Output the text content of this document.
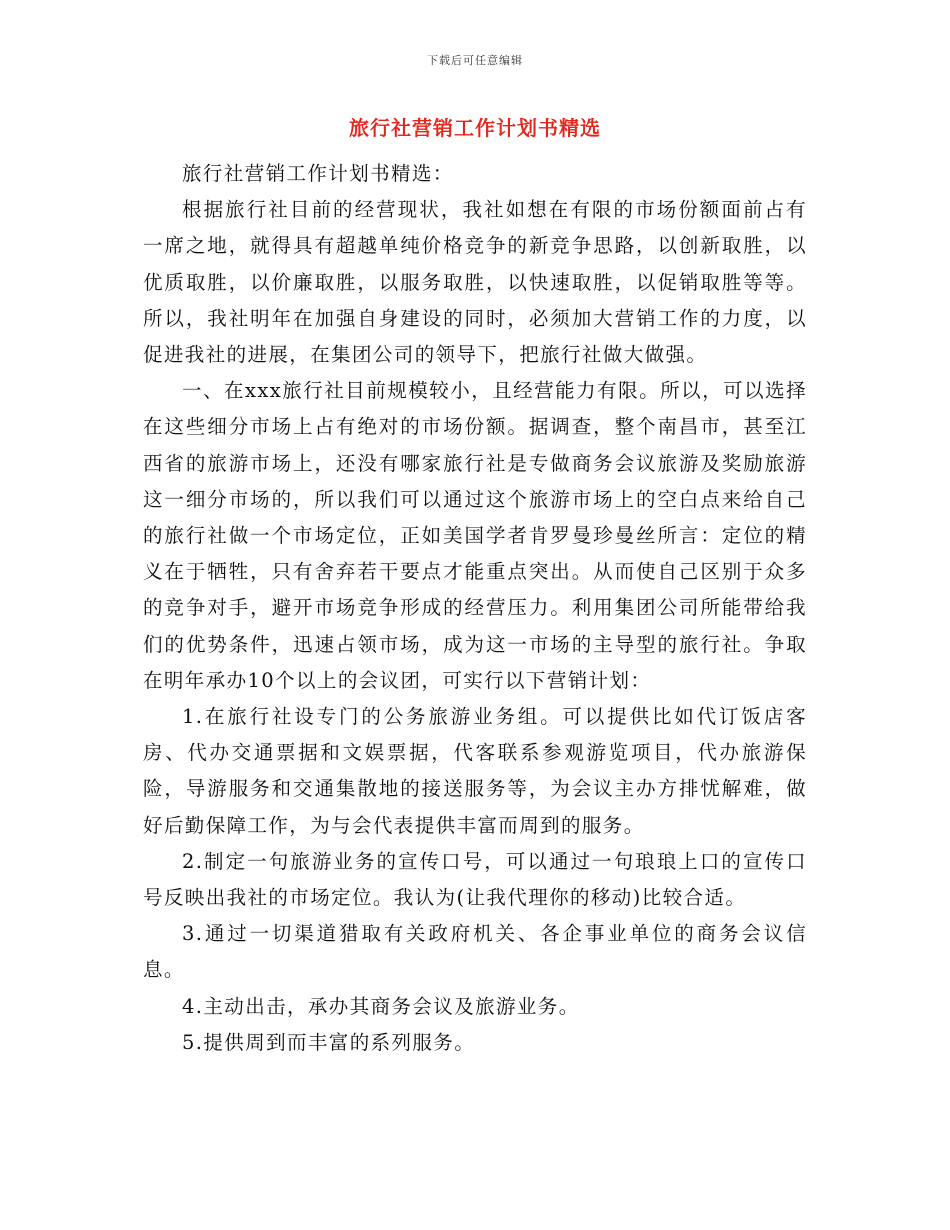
下载后可任意编辑
旅行社营销工作计划书精选

旅行社营销工作计划书精选：

根据旅行社目前的经营现状，我社如想在有限的市场份额面前占有一席之地，就得具有超越单纯价格竞争的新竞争思路，以创新取胜，以优质取胜，以价廉取胜，以服务取胜，以快速取胜，以促销取胜等等。所以，我社明年在加强自身建设的同时，必须加大营销工作的力度，以促进我社的进展，在集团公司的领导下，把旅行社做大做强。

一、在xxx旅行社目前规模较小，且经营能力有限。所以，可以选择在这些细分市场上占有绝对的市场份额。据调查，整个南昌市，甚至江西省的旅游市场上，还没有哪家旅行社是专做商务会议旅游及奖励旅游这一细分市场的，所以我们可以通过这个旅游市场上的空白点来给自己的旅行社做一个市场定位，正如美国学者肯罗曼珍曼丝所言：定位的精义在于牺牲，只有舍弃若干要点才能重点突出。从而使自己区别于众多的竞争对手，避开市场竞争形成的经营压力。利用集团公司所能带给我们的优势条件，迅速占领市场，成为这一市场的主导型的旅行社。争取在明年承办10个以上的会议团，可实行以下营销计划：

1.在旅行社设专门的公务旅游业务组。可以提供比如代订饭店客房、代办交通票据和文娱票据，代客联系参观游览项目，代办旅游保险，导游服务和交通集散地的接送服务等，为会议主办方排忧解难，做好后勤保障工作，为与会代表提供丰富而周到的服务。

2.制定一句旅游业务的宣传口号，可以通过一句琅琅上口的宣传口号反映出我社的市场定位。我认为(让我代理你的移动)比较合适。

3.通过一切渠道猎取有关政府机关、各企事业单位的商务会议信息。

4.主动出击，承办其商务会议及旅游业务。

5.提供周到而丰富的系列服务。
